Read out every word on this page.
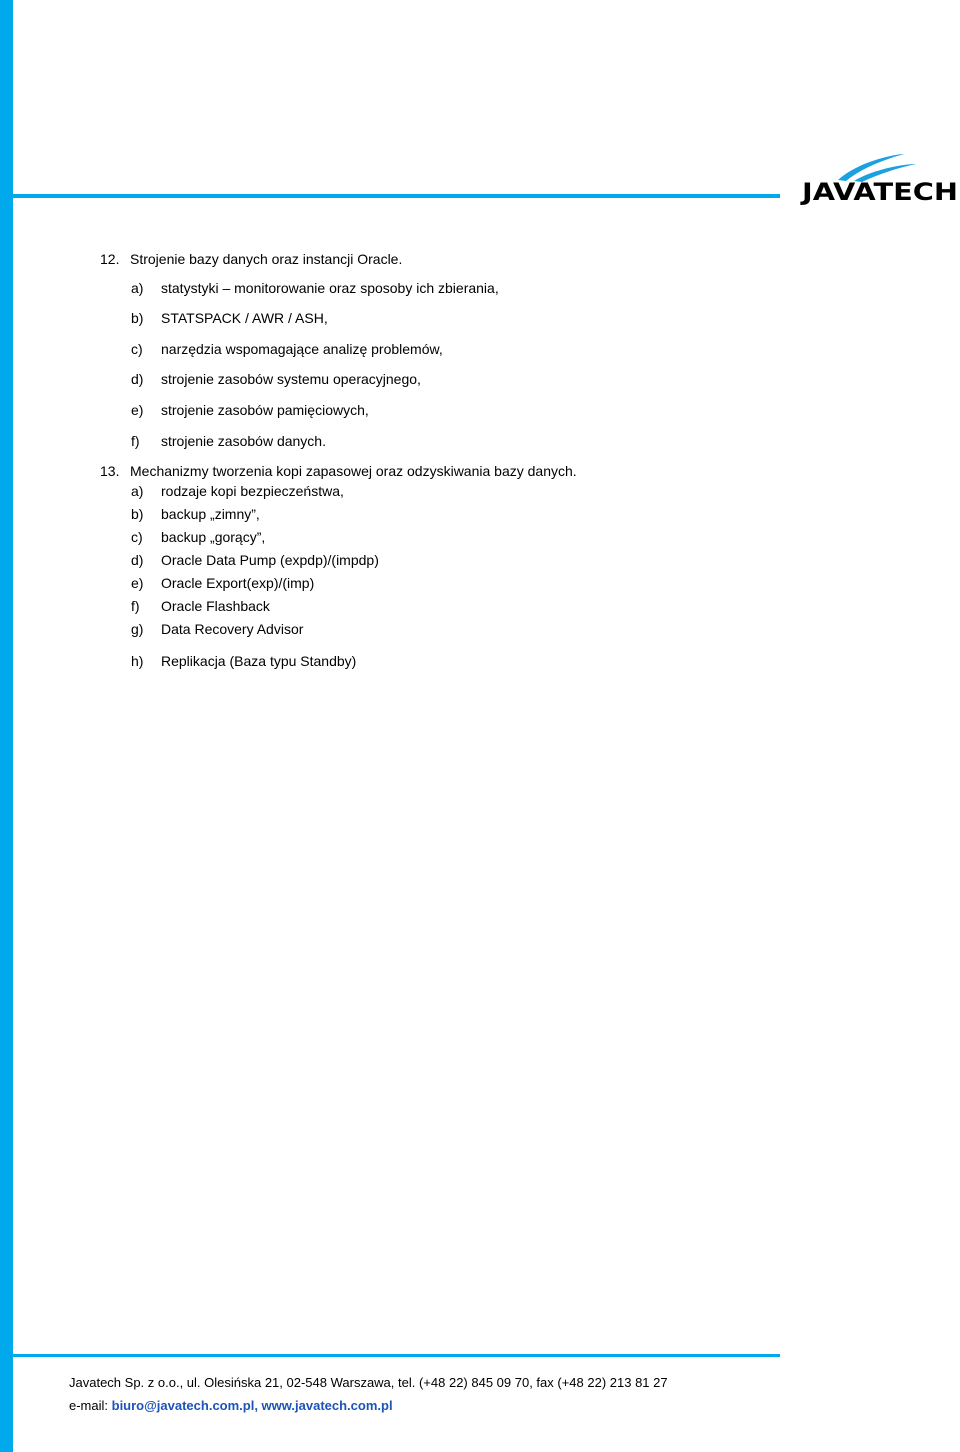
JAVATECH
12. Strojenie bazy danych oraz instancji Oracle.
a) statystyki – monitorowanie oraz sposoby ich zbierania,
b) STATSPACK / AWR / ASH,
c) narzędzia wspomagające analizę problemów,
d) strojenie zasobów systemu operacyjnego,
e) strojenie zasobów pamięciowych,
f) strojenie zasobów danych.
13. Mechanizmy tworzenia kopi zapasowej oraz odzyskiwania bazy danych.
a) rodzaje kopi bezpieczeństwa,
b) backup „zimny”,
c) backup „gorący”,
d) Oracle Data Pump (expdp)/(impdp)
e) Oracle Export(exp)/(imp)
f) Oracle Flashback
g) Data Recovery Advisor
h) Replikacja (Baza typu Standby)
Javatech Sp. z o.o., ul. Olesińska 21, 02-548 Warszawa, tel. (+48 22) 845 09 70, fax (+48 22) 213 81 27
e-mail: biuro@javatech.com.pl, www.javatech.com.pl
